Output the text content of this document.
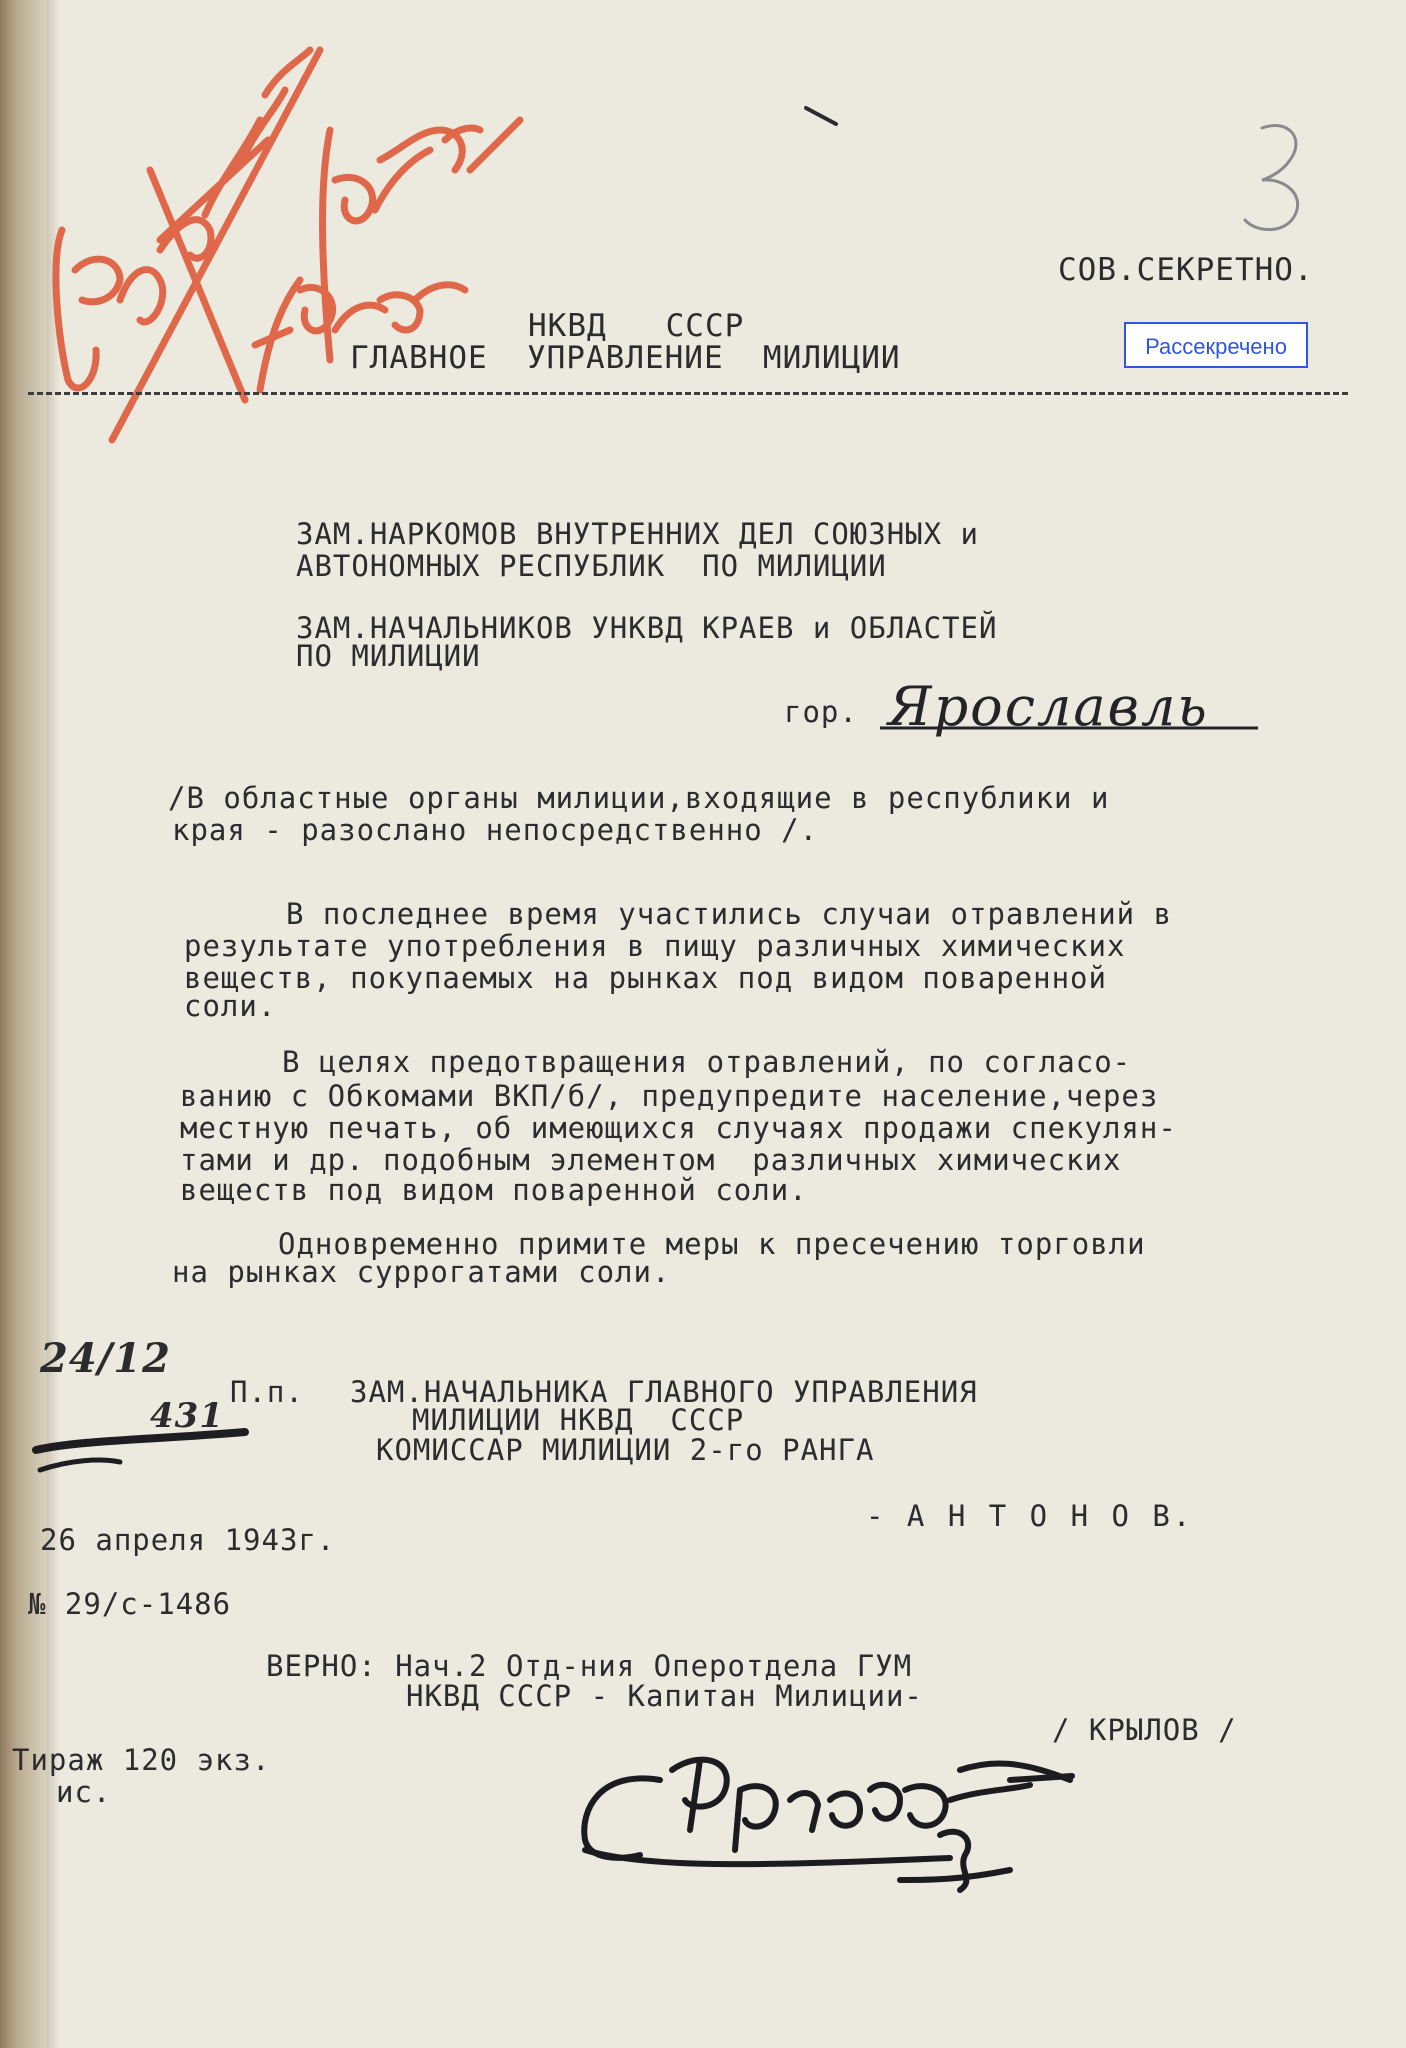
СОВ.СЕКРЕТНО.

Рассекречено

НКВД   СССР

ГЛАВНОЕ  УПРАВЛЕНИЕ  МИЛИЦИИ

ЗАМ.НАРКОМОВ ВНУТРЕННИХ ДЕЛ СОЮЗНЫХ и

АВТОНОМНЫХ РЕСПУБЛИК  ПО МИЛИЦИИ

ЗАМ.НАЧАЛЬНИКОВ УНКВД КРАЕВ и ОБЛАСТЕЙ

ПО МИЛИЦИИ

гор. Ярославль

/В областные органы милиции,входящие в республики и

края - разослано непосредственно /.

В последнее время участились случаи отравлений в

результате употребления в пищу различных химических

веществ, покупаемых на рынках под видом поваренной

соли.

В целях предотвращения отравлений, по согласо-

ванию с Обкомами ВКП/б/, предупредите население,через

местную печать, об имеющихся случаях продажи спекулян-

тами и др. подобным элементом  различных химических

веществ под видом поваренной соли.

Одновременно примите меры к пресечению торговли

на рынках суррогатами соли.

24/12

431

П.п. ЗАМ.НАЧАЛЬНИКА ГЛАВНОГО УПРАВЛЕНИЯ

МИЛИЦИИ НКВД  СССР

КОМИССАР МИЛИЦИИ 2-го РАНГА

- А Н Т О Н О В.

26 апреля 1943г.

№ 29/с-1486

ВЕРНО: Нач.2 Отд-ния Оперотдела ГУМ

НКВД СССР - Капитан Милиции-

/ КРЫЛОВ /

Тираж 120 экз.

ис.
